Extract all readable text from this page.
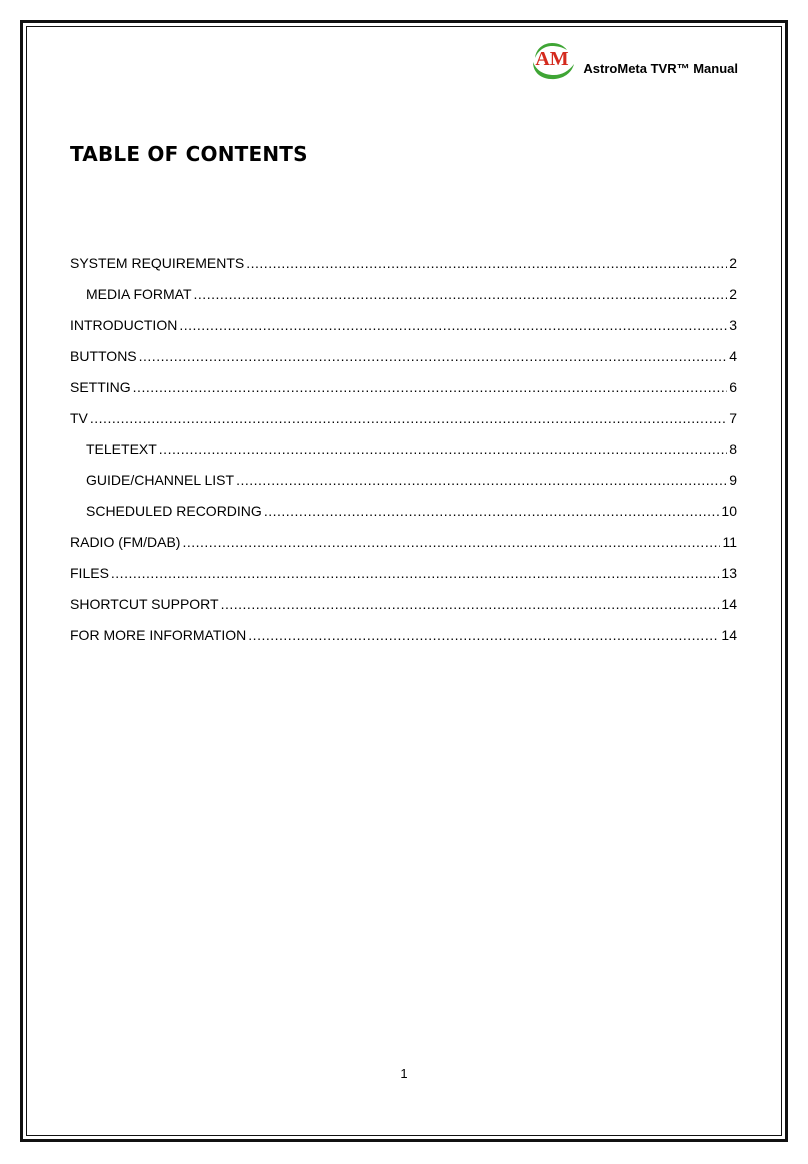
AM AstroMeta TVR™ Manual
TABLE OF CONTENTS
SYSTEM REQUIREMENTS .....	2
MEDIA FORMAT .....	2
INTRODUCTION .....	3
BUTTONS .....	4
SETTING .....	6
TV .....	7
TELETEXT .....	8
GUIDE/CHANNEL LIST .....	9
SCHEDULED RECORDING .....	10
RADIO (FM/DAB) .....	11
FILES .....	13
SHORTCUT SUPPORT .....	14
FOR MORE INFORMATION .....	14
1
